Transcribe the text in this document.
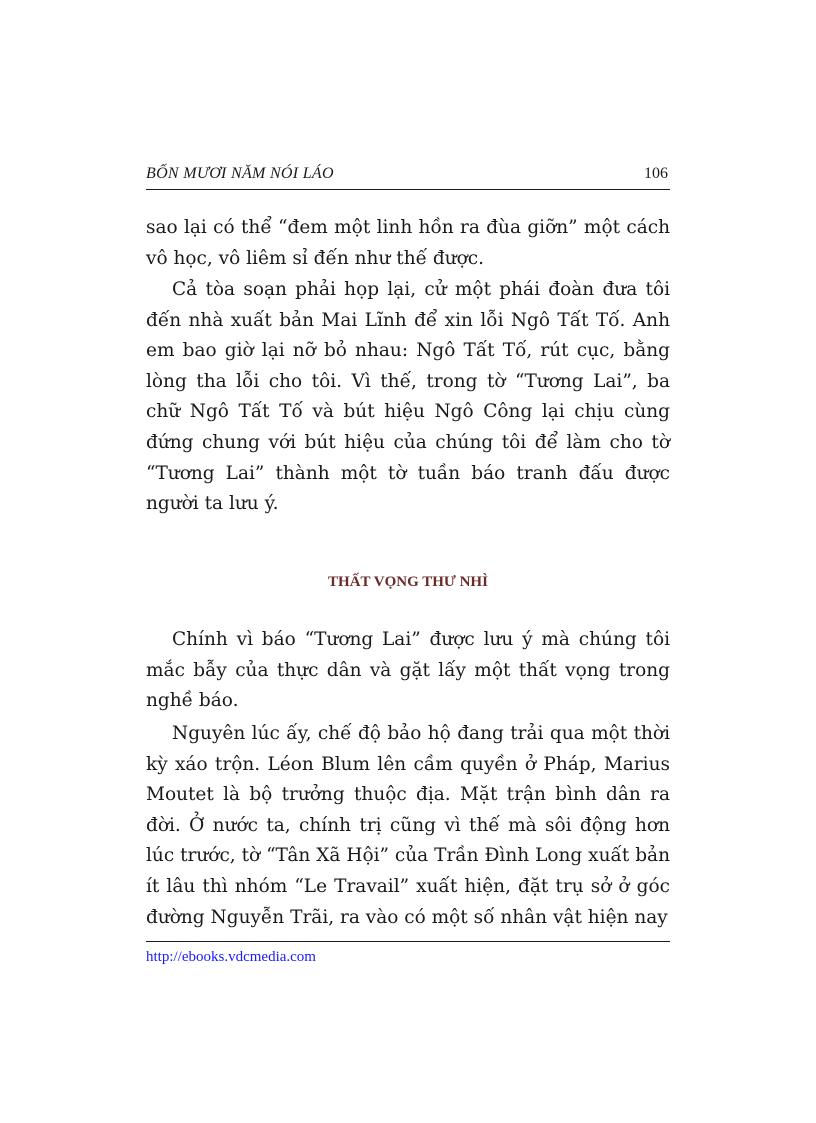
BỐN MƯƠI NĂM NÓI LÁO	106

sao lại có thể “đem một linh hồn ra đùa giỡn” một cách vô học, vô liêm sỉ đến như thế được.

Cả tòa soạn phải họp lại, cử một phái đoàn đưa tôi đến nhà xuất bản Mai Lĩnh để xin lỗi Ngô Tất Tố. Anh em bao giờ lại nỡ bỏ nhau: Ngô Tất Tố, rút cục, bằng lòng tha lỗi cho tôi. Vì thế, trong tờ “Tương Lai”, ba chữ Ngô Tất Tố và bút hiệu Ngô Công lại chịu cùng đứng chung với bút hiệu của chúng tôi để làm cho tờ “Tương Lai” thành một tờ tuần báo tranh đấu được người ta lưu ý.

THẤT VỌNG THƯ NHÌ

Chính vì báo “Tương Lai” được lưu ý mà chúng tôi mắc bẫy của thực dân và gặt lấy một thất vọng trong nghề báo.

Nguyên lúc ấy, chế độ bảo hộ đang trải qua một thời kỳ xáo trộn. Léon Blum lên cầm quyền ở Pháp, Marius Moutet là bộ trưởng thuộc địa. Mặt trận bình dân ra đời. Ở nước ta, chính trị cũng vì thế mà sôi động hơn lúc trước, tờ “Tân Xã Hội” của Trần Đình Long xuất bản ít lâu thì nhóm “Le Travail” xuất hiện, đặt trụ sở ở góc đường Nguyễn Trãi, ra vào có một số nhân vật hiện nay

http://ebooks.vdcmedia.com
